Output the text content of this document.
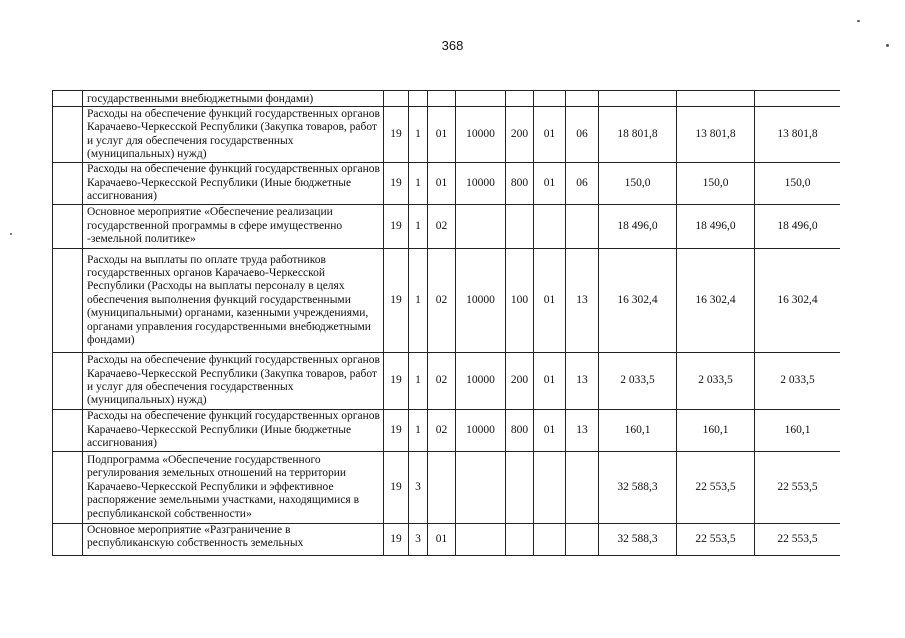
368
	государственными внебюджетными фондами)										
	Расходы на обеспечение функций государственных органов Карачаево-Черкесской Республики (Закупка товаров, работ и услуг для обеспечения государственных (муниципальных) нужд)	19	1	01	10000	200	01	06	18 801,8	13 801,8	13 801,8
	Расходы на обеспечение функций государственных органов Карачаево-Черкесской Республики (Иные бюджетные ассигнования)	19	1	01	10000	800	01	06	150,0	150,0	150,0
	Основное мероприятие «Обеспечение реализации государственной программы в сфере имущественно -земельной политике»	19	1	02					18 496,0	18 496,0	18 496,0
	Расходы на выплаты по оплате труда работников государственных органов Карачаево-Черкесской Республики (Расходы на выплаты персоналу в целях обеспечения выполнения функций государственными (муниципальными) органами, казенными учреждениями, органами управления государственными внебюджетными фондами)	19	1	02	10000	100	01	13	16 302,4	16 302,4	16 302,4
	Расходы на обеспечение функций государственных органов Карачаево-Черкесской Республики (Закупка товаров, работ и услуг для обеспечения государственных (муниципальных) нужд)	19	1	02	10000	200	01	13	2 033,5	2 033,5	2 033,5
	Расходы на обеспечение функций государственных органов Карачаево-Черкесской Республики (Иные бюджетные ассигнования)	19	1	02	10000	800	01	13	160,1	160,1	160,1
	Подпрограмма «Обеспечение государственного регулирования земельных отношений на территории Карачаево-Черкесской Республики и эффективное распоряжение земельными участками, находящимися в республиканской собственности»	19	3						32 588,3	22 553,5	22 553,5
	Основное мероприятие «Разграничение в республиканскую собственность земельных	19	3	01					32 588,3	22 553,5	22 553,5
